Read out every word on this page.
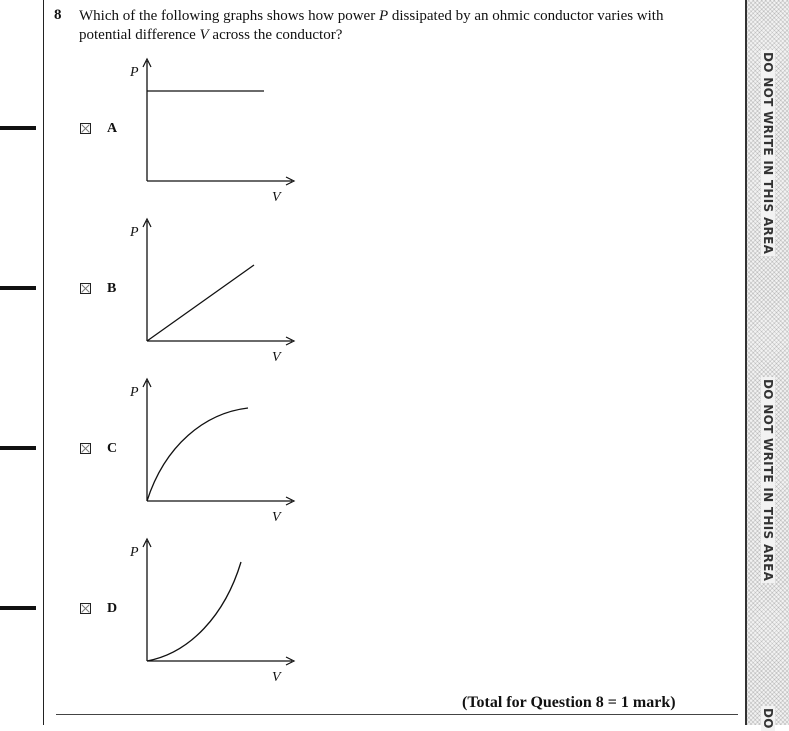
8 Which of the following graphs shows how power P dissipated by an ohmic conductor varies with potential difference V across the conductor?
A
P
V
B
P
V
C
P
V
D
P
V
(Total for Question 8 = 1 mark)
DO NOT WRITE IN THIS AREA
DO NOT WRITE IN THIS AREA
DO
